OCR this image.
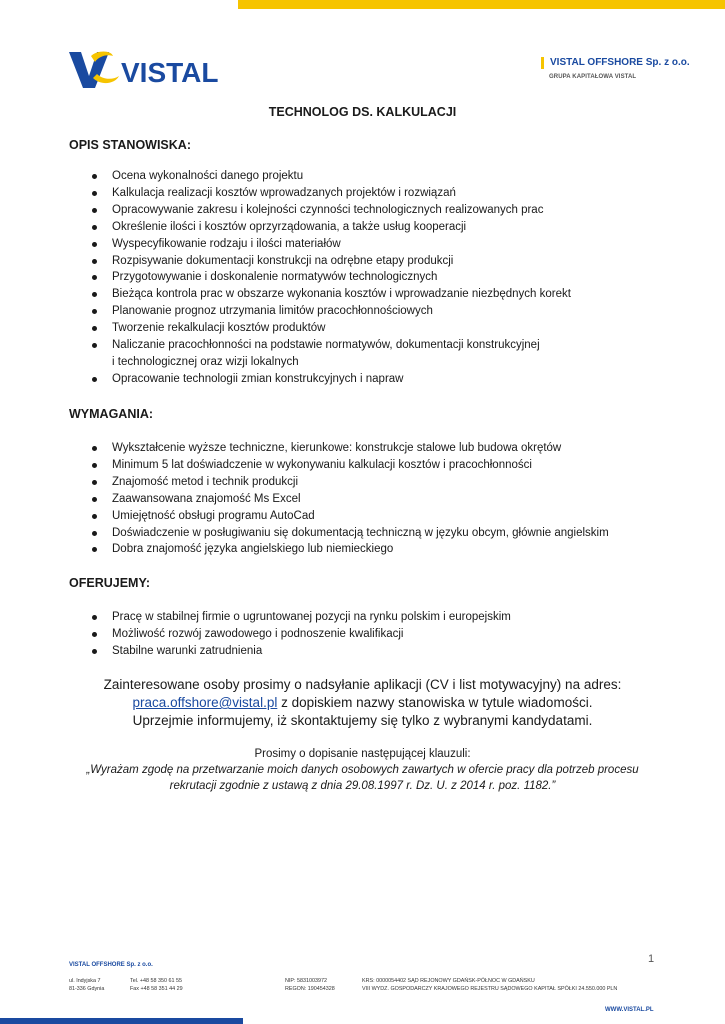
VISTAL	VISTAL OFFSHORE Sp. z o.o.
GRUPA KAPITAŁOWA VISTAL
TECHNOLOG DS. KALKULACJI
OPIS STANOWISKA:
Ocena wykonalności danego projektu
Kalkulacja realizacji kosztów wprowadzanych projektów i rozwiązań
Opracowywanie zakresu i kolejności czynności technologicznych realizowanych prac
Określenie ilości i kosztów oprzyrządowania, a także usług kooperacji
Wyspecyfikowanie rodzaju i ilości materiałów
Rozpisywanie dokumentacji konstrukcji na odrębne etapy produkcji
Przygotowywanie i doskonalenie normatywów technologicznych
Bieżąca kontrola prac w obszarze wykonania kosztów i wprowadzanie niezbędnych korekt
Planowanie prognoz utrzymania limitów pracochłonnościowych
Tworzenie rekalkulacji kosztów produktów
Naliczanie pracochłonności na podstawie normatywów, dokumentacji konstrukcyjnej
i technologicznej oraz wizji lokalnych
Opracowanie technologii zmian konstrukcyjnych i napraw
WYMAGANIA:
Wykształcenie wyższe techniczne, kierunkowe: konstrukcje stalowe lub budowa okrętów
Minimum 5 lat doświadczenie w wykonywaniu kalkulacji kosztów i pracochłonności
Znajomość metod i technik produkcji
Zaawansowana znajomość Ms Excel
Umiejętność obsługi programu AutoCad
Doświadczenie w posługiwaniu się dokumentacją techniczną w języku obcym, głównie angielskim
Dobra znajomość języka angielskiego lub niemieckiego
OFERUJEMY:
Pracę w stabilnej firmie o ugruntowanej pozycji na rynku polskim i europejskim
Możliwość rozwój zawodowego i podnoszenie kwalifikacji
Stabilne warunki zatrudnienia
Zainteresowane osoby prosimy o nadsyłanie aplikacji (CV i list motywacyjny) na adres:
praca.offshore@vistal.pl z dopiskiem nazwy stanowiska w tytule wiadomości.
Uprzejmie informujemy, iż skontaktujemy się tylko z wybranymi kandydatami.
Prosimy o dopisanie następującej klauzuli:
„Wyrażam zgodę na przetwarzanie moich danych osobowych zawartych w ofercie pracy dla potrzeb procesu
rekrutacji zgodnie z ustawą z dnia 29.08.1997 r. Dz. U. z 2014 r. poz. 1182.”
1
VISTAL OFFSHORE Sp. z o.o.
ul. Indyjska 7
81-336 Gdynia
Tel. +48 58 350 61 55
Fax +48 58 351 44 29
NIP: 5831003972
REGON: 190454328
KRS: 0000054402 SĄD REJONOWY GDAŃSK-PÓŁNOC W GDAŃSKU
VIII WYDZ. GOSPODARCZY KRAJOWEGO REJESTRU SĄDOWEGO KAPITAŁ SPÓŁKI 24.550.000 PLN
WWW.VISTAL.PL
